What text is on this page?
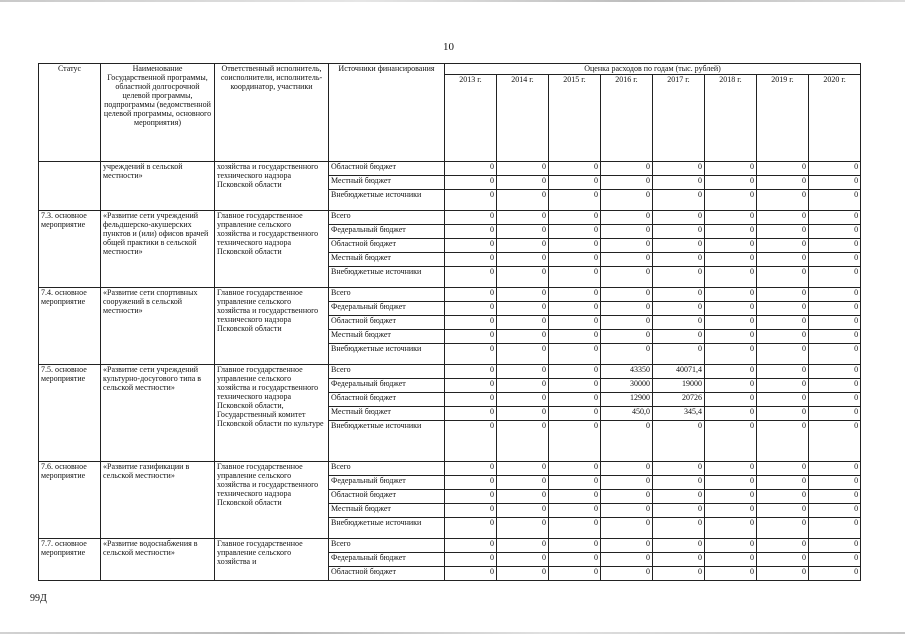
10
Статус	Наименование Государственной программы, областной долгосрочной целевой программы, подпрограммы (ведомственной целевой программы, основного мероприятия)	Ответственный исполнитель, соисполнители, исполнитель-координатор, участники	Источники финансирования	Оценка расходов по годам (тыс. рублей)							
				2013 г.	2014 г.	2015 г.	2016 г.	2017 г.	2018 г.	2019 г.	2020 г.
	учреждений в сельской местности»	хозяйства и государственного технического надзора Псковской области	Областной бюджет	0	0	0	0	0	0	0	0
			Местный бюджет	0	0	0	0	0	0	0	0
			Внебюджетные источники	0	0	0	0	0	0	0	0
7.3. основное мероприятие	«Развитие сети учреждений фельдшерско-акушерских пунктов и (или) офисов врачей общей практики в сельской местности»	Главное государственное управление сельского хозяйства и государственного технического надзора Псковской области	Всего	0	0	0	0	0	0	0	0
			Федеральный бюджет	0	0	0	0	0	0	0	0
			Областной бюджет	0	0	0	0	0	0	0	0
			Местный бюджет	0	0	0	0	0	0	0	0
			Внебюджетные источники	0	0	0	0	0	0	0	0
7.4. основное мероприятие	«Развитие сети спортивных сооружений в сельской местности»	Главное государственное управление сельского хозяйства и государственного технического надзора Псковской области	Всего	0	0	0	0	0	0	0	0
			Федеральный бюджет	0	0	0	0	0	0	0	0
			Областной бюджет	0	0	0	0	0	0	0	0
			Местный бюджет	0	0	0	0	0	0	0	0
			Внебюджетные источники	0	0	0	0	0	0	0	0
7.5. основное мероприятие	«Развитие сети учреждений культурно-досугового типа в сельской местности»	Главное государственное управление сельского хозяйства и государственного технического надзора Псковской области, Государственный комитет Псковской области по культуре	Всего	0	0	0	43350	40071,4	0	0	0
			Федеральный бюджет	0	0	0	30000	19000	0	0	0
			Областной бюджет	0	0	0	12900	20726	0	0	0
			Местный бюджет	0	0	0	450,0	345,4	0	0	0
			Внебюджетные источники	0	0	0	0	0	0	0	0
7.6. основное мероприятие	«Развитие газификации в сельской местности»	Главное государственное управление сельского хозяйства и государственного технического надзора Псковской области	Всего	0	0	0	0	0	0	0	0
			Федеральный бюджет	0	0	0	0	0	0	0	0
			Областной бюджет	0	0	0	0	0	0	0	0
			Местный бюджет	0	0	0	0	0	0	0	0
			Внебюджетные источники	0	0	0	0	0	0	0	0
7.7. основное мероприятие	«Развитие водоснабжения в сельской местности»	Главное государственное управление сельского хозяйства и	Всего	0	0	0	0	0	0	0	0
			Федеральный бюджет	0	0	0	0	0	0	0	0
			Областной бюджет	0	0	0	0	0	0	0	0
99Д
